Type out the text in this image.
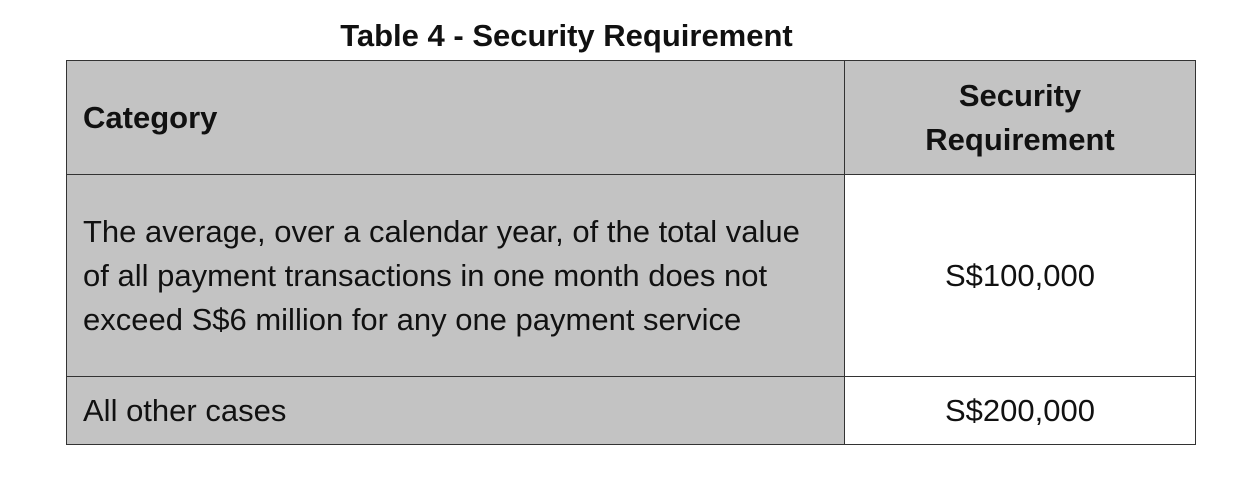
Table 4 - Security Requirement
Category	Security Requirement
The average, over a calendar year, of the total value of all payment transactions in one month does not exceed S$6 million for any one payment service	S$100,000
All other cases	S$200,000
